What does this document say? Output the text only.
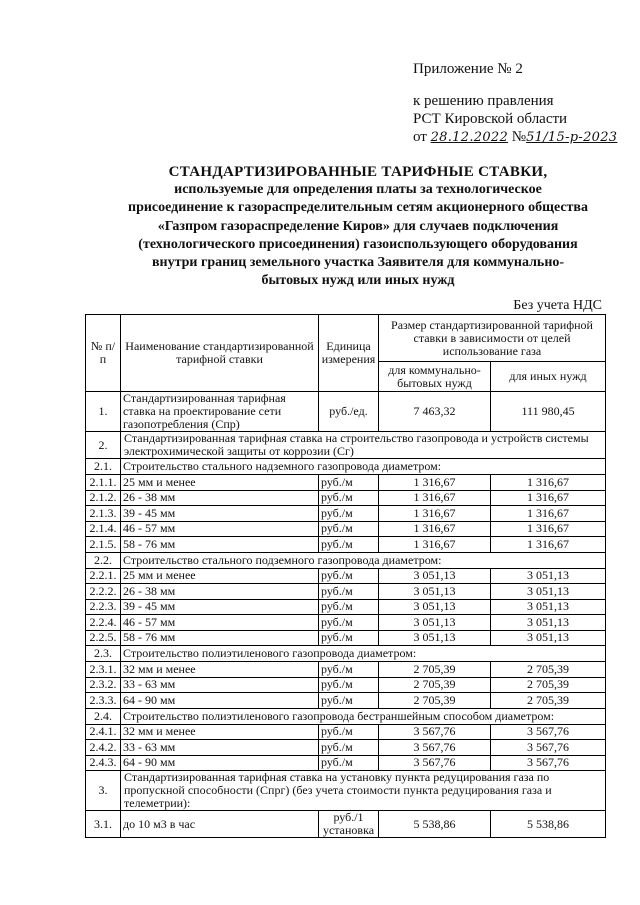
Приложение № 2
к решению правления
РСТ Кировской области
от 28.12.2022 №51/15-р-2023
СТАНДАРТИЗИРОВАННЫЕ ТАРИФНЫЕ СТАВКИ,
используемые для определения платы за технологическое
присоединение к газораспределительным сетям акционерного общества
«Газпром газораспределение Киров» для случаев подключения
(технологического присоединения) газоиспользующего оборудования
внутри границ земельного участка Заявителя для коммунально-
бытовых нужд или иных нужд
Без учета НДС
№ п/п	Наименование стандартизированной тарифной ставки	Единица измерения	Размер стандартизированной тарифной ставки в зависимости от целей использование газа	
			для коммунально-бытовых нужд	для иных нужд
1.	Стандартизированная тарифная ставка на проектирование сети газопотребления (Спр)	руб./ед.	7 463,32	111 980,45
2.	Стандартизированная тарифная ставка на строительство газопровода и устройств системы электрохимической защиты от коррозии (Сг)			
2.1.	Строительство стального надземного газопровода диаметром:			
2.1.1.	25 мм и менее	руб./м	1 316,67	1 316,67
2.1.2.	26 - 38 мм	руб./м	1 316,67	1 316,67
2.1.3.	39 - 45 мм	руб./м	1 316,67	1 316,67
2.1.4.	46 - 57 мм	руб./м	1 316,67	1 316,67
2.1.5.	58 - 76 мм	руб./м	1 316,67	1 316,67
2.2.	Строительство стального подземного газопровода диаметром:			
2.2.1.	25 мм и менее	руб./м	3 051,13	3 051,13
2.2.2.	26 - 38 мм	руб./м	3 051,13	3 051,13
2.2.3.	39 - 45 мм	руб./м	3 051,13	3 051,13
2.2.4.	46 - 57 мм	руб./м	3 051,13	3 051,13
2.2.5.	58 - 76 мм	руб./м	3 051,13	3 051,13
2.3.	Строительство полиэтиленового газопровода диаметром:			
2.3.1.	32 мм и менее	руб./м	2 705,39	2 705,39
2.3.2.	33 - 63 мм	руб./м	2 705,39	2 705,39
2.3.3.	64 - 90 мм	руб./м	2 705,39	2 705,39
2.4.	Строительство полиэтиленового газопровода бестраншейным способом диаметром:			
2.4.1.	32 мм и менее	руб./м	3 567,76	3 567,76
2.4.2.	33 - 63 мм	руб./м	3 567,76	3 567,76
2.4.3.	64 - 90 мм	руб./м	3 567,76	3 567,76
3.	Стандартизированная тарифная ставка на установку пункта редуцирования газа по пропускной способности (Спрг) (без учета стоимости пункта редуцирования газа и телеметрии):			
3.1.	до 10 м3 в час	руб./1 установка	5 538,86	5 538,86
